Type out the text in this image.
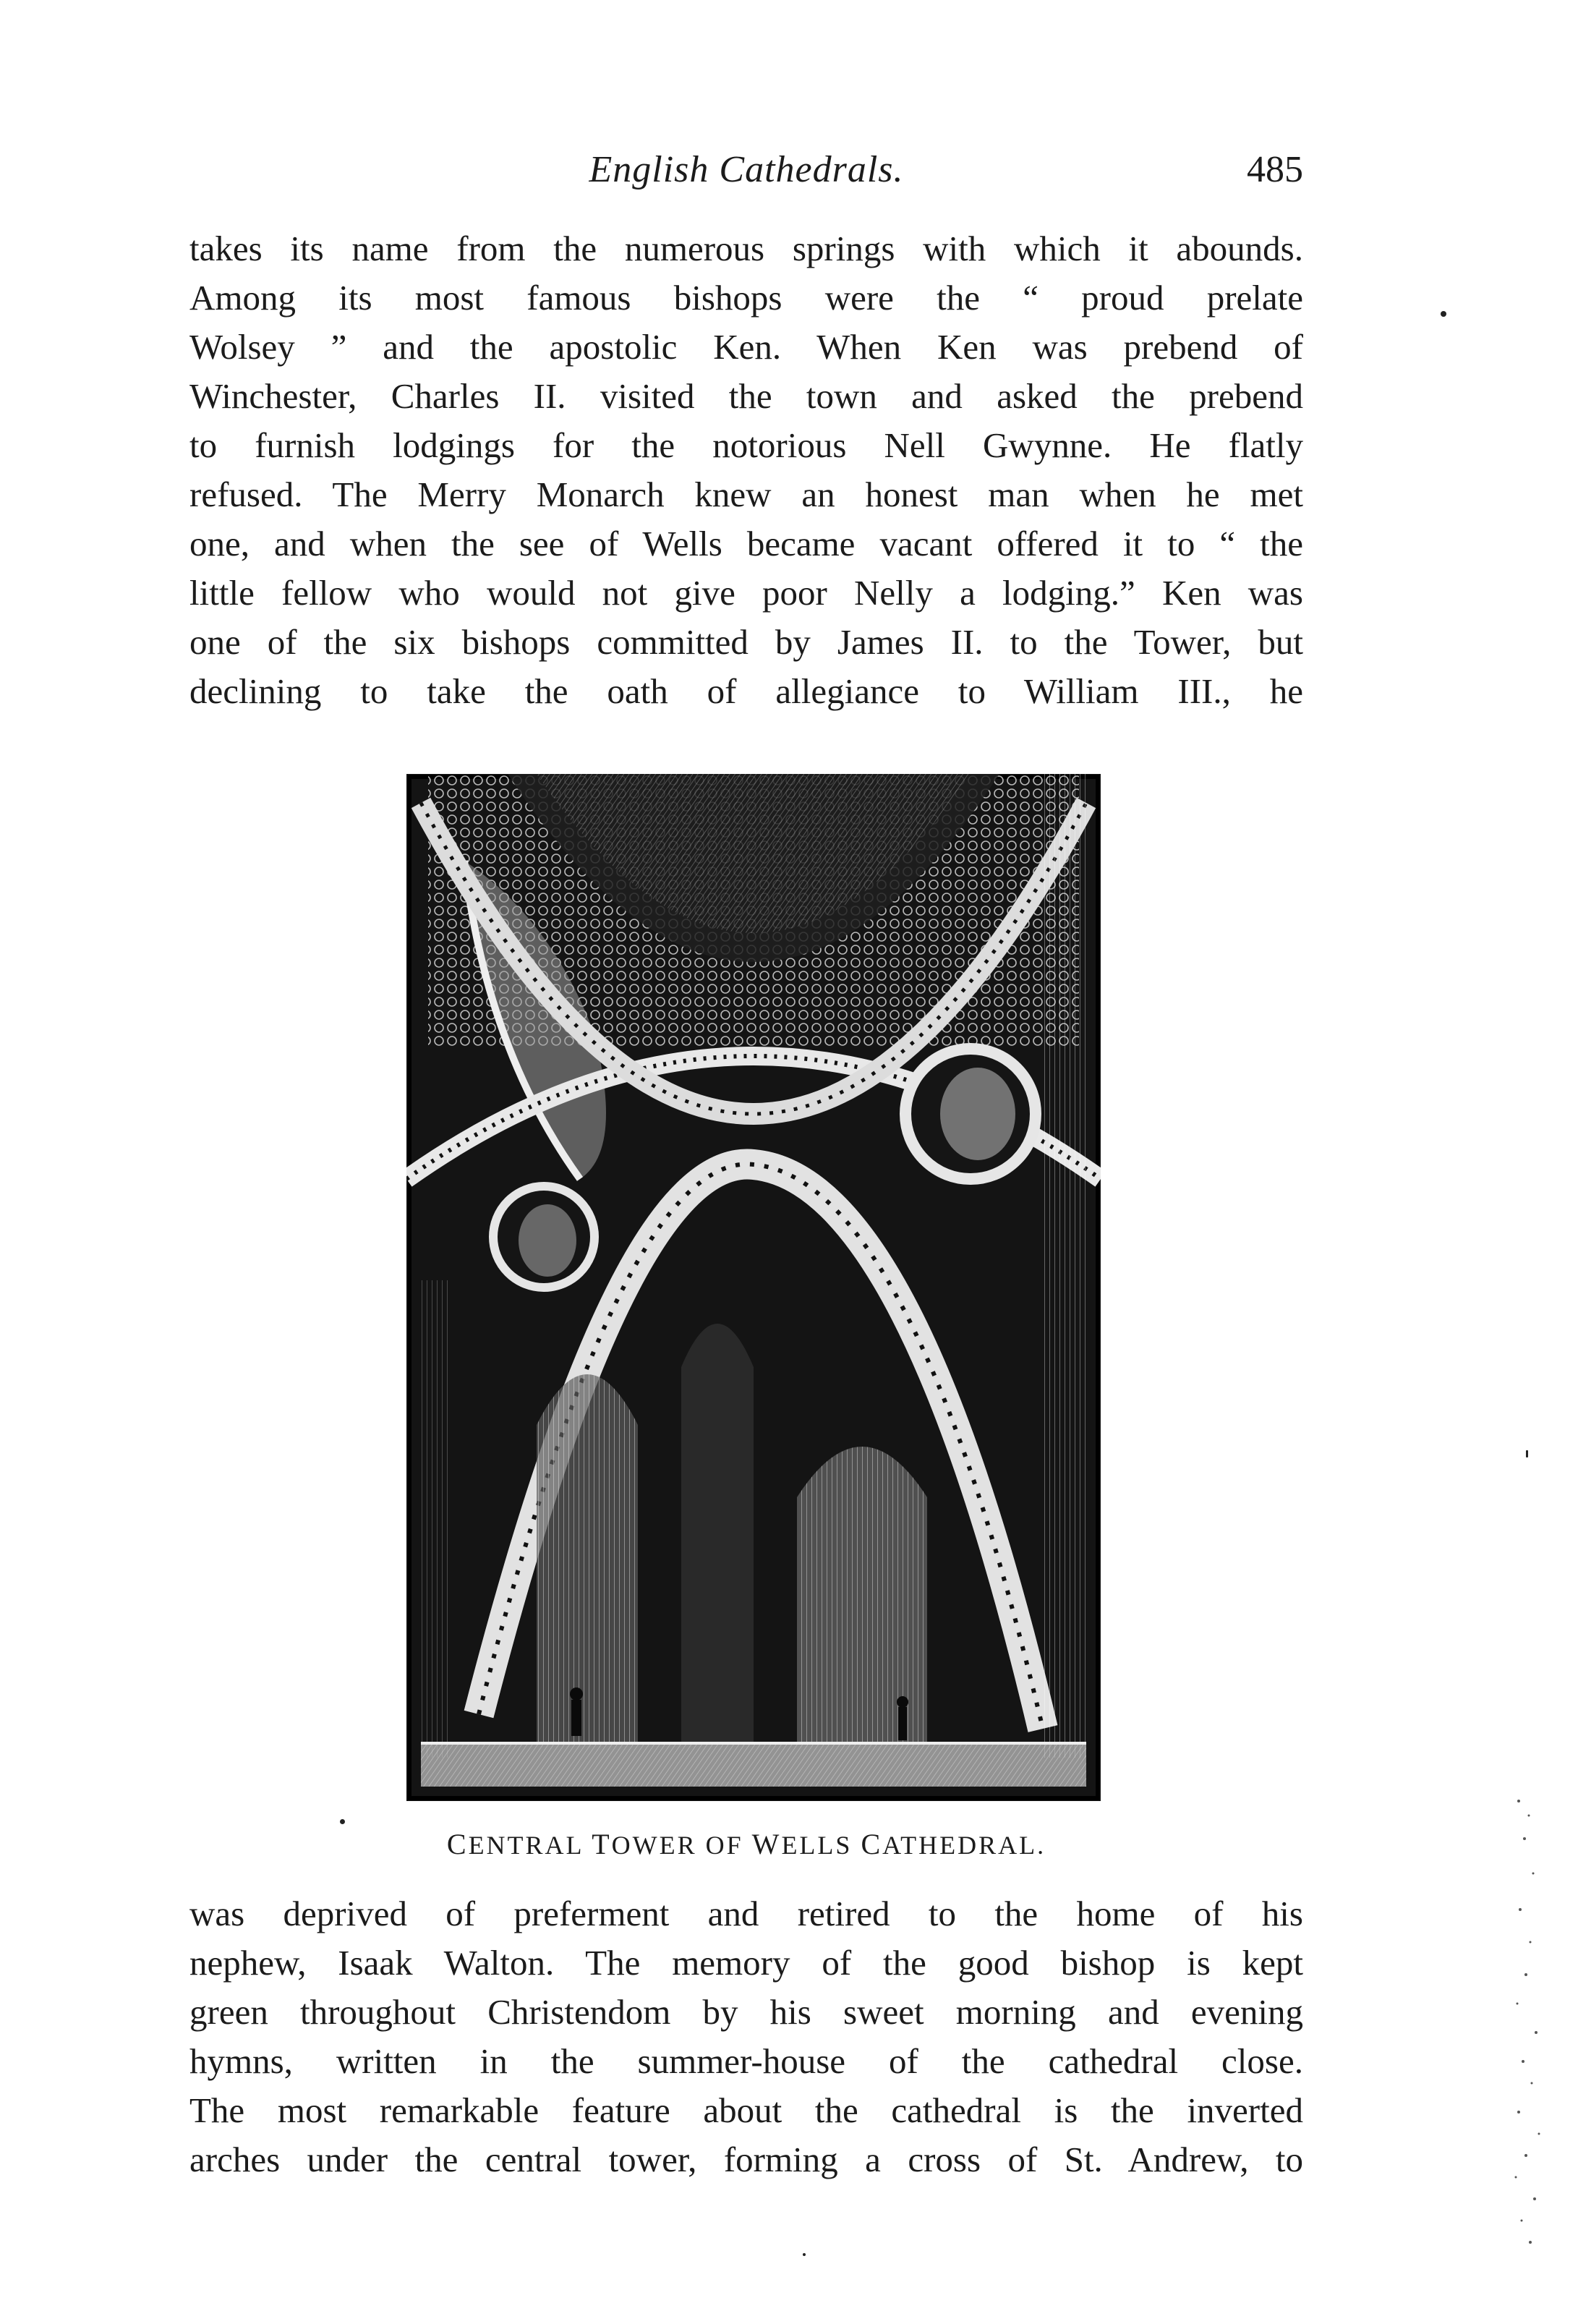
English Cathedrals.	485
takes its name from the numerous springs with which it abounds.
Among its most famous bishops were the “ proud prelate
Wolsey ” and the apostolic Ken. When Ken was prebend of
Winchester, Charles II. visited the town and asked the prebend
to furnish lodgings for the notorious Nell Gwynne. He flatly
refused. The Merry Monarch knew an honest man when he met
one, and when the see of Wells became vacant offered it to “ the
little fellow who would not give poor Nelly a lodging.” Ken was
one of the six bishops committed by James II. to the Tower, but
declining to take the oath of allegiance to William III., he
CENTRAL TOWER OF WELLS CATHEDRAL.
was deprived of preferment and retired to the home of his
nephew, Isaak Walton. The memory of the good bishop is kept
green throughout Christendom by his sweet morning and evening
hymns, written in the summer-house of the cathedral close.
The most remarkable feature about the cathedral is the inverted
arches under the central tower, forming a cross of St. Andrew, to
